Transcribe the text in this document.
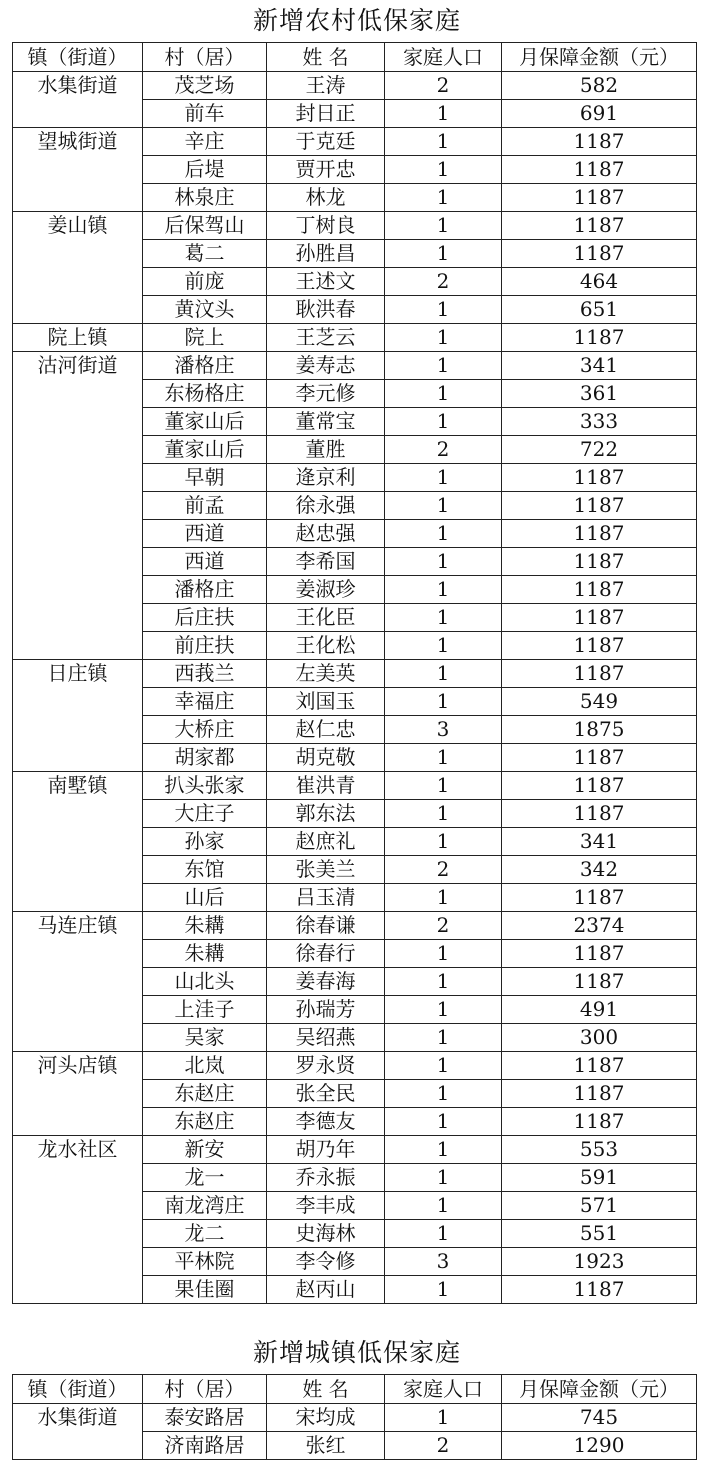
新增农村低保家庭
镇（街道）	村（居）	姓 名	家庭人口	月保障金额（元）
水集街道	茂芝场	王涛	2	582
	前车	封日正	1	691
望城街道	辛庄	于克廷	1	1187
	后堤	贾开忠	1	1187
	林泉庄	林龙	1	1187
姜山镇	后保驾山	丁树良	1	1187
	葛二	孙胜昌	1	1187
	前庞	王述文	2	464
	黄汶头	耿洪春	1	651
院上镇	院上	王芝云	1	1187
沽河街道	潘格庄	姜寿志	1	341
	东杨格庄	李元修	1	361
	董家山后	董常宝	1	333
	董家山后	董胜	2	722
	早朝	逄京利	1	1187
	前孟	徐永强	1	1187
	西道	赵忠强	1	1187
	西道	李希国	1	1187
	潘格庄	姜淑珍	1	1187
	后庄扶	王化臣	1	1187
	前庄扶	王化松	1	1187
日庄镇	西莪兰	左美英	1	1187
	幸福庄	刘国玉	1	549
	大桥庄	赵仁忠	3	1875
	胡家都	胡克敬	1	1187
南墅镇	扒头张家	崔洪青	1	1187
	大庄子	郭东法	1	1187
	孙家	赵庶礼	1	341
	东馆	张美兰	2	342
	山后	吕玉清	1	1187
马连庄镇	朱耩	徐春谦	2	2374
	朱耩	徐春行	1	1187
	山北头	姜春海	1	1187
	上洼子	孙瑞芳	1	491
	吴家	吴绍燕	1	300
河头店镇	北岚	罗永贤	1	1187
	东赵庄	张全民	1	1187
	东赵庄	李德友	1	1187
龙水社区	新安	胡乃年	1	553
	龙一	乔永振	1	591
	南龙湾庄	李丰成	1	571
	龙二	史海林	1	551
	平林院	李令修	3	1923
	果佳圈	赵丙山	1	1187
新增城镇低保家庭
镇（街道）	村（居）	姓 名	家庭人口	月保障金额（元）
水集街道	泰安路居	宋均成	1	745
	济南路居	张红	2	1290
